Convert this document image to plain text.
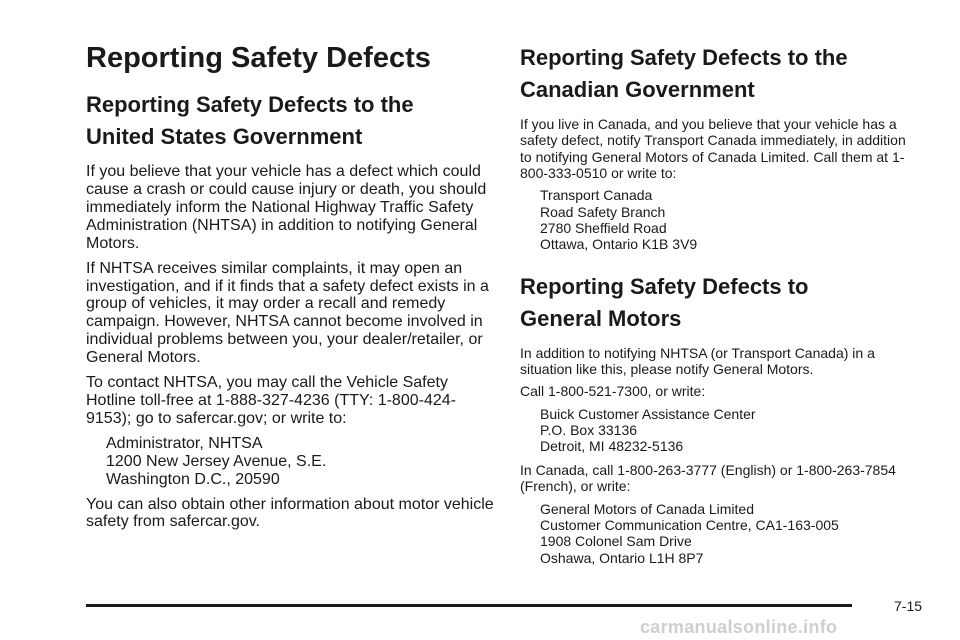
Reporting Safety Defects
Reporting Safety Defects to the
United States Government

If you believe that your vehicle has a defect which could cause a crash or could cause injury or death, you should immediately inform the National Highway Traffic Safety Administration (NHTSA) in addition to notifying General Motors.

If NHTSA receives similar complaints, it may open an investigation, and if it finds that a safety defect exists in a group of vehicles, it may order a recall and remedy campaign. However, NHTSA cannot become involved in individual problems between you, your dealer/retailer, or General Motors.

To contact NHTSA, you may call the Vehicle Safety Hotline toll-free at 1-888-327-4236 (TTY: 1-800-424-9153); go to safercar.gov; or write to:

Administrator, NHTSA
1200 New Jersey Avenue, S.E.
Washington D.C., 20590

You can also obtain other information about motor vehicle safety from safercar.gov.

Reporting Safety Defects to the
Canadian Government

If you live in Canada, and you believe that your vehicle has a safety defect, notify Transport Canada immediately, in addition to notifying General Motors of Canada Limited. Call them at 1-800-333-0510 or write to:

Transport Canada
Road Safety Branch
2780 Sheffield Road
Ottawa, Ontario K1B 3V9
Reporting Safety Defects to
General Motors

In addition to notifying NHTSA (or Transport Canada) in a situation like this, please notify General Motors.

Call 1-800-521-7300, or write:

Buick Customer Assistance Center
P.O. Box 33136
Detroit, MI 48232-5136

In Canada, call 1-800-263-3777 (English) or 1-800-263-7854 (French), or write:

General Motors of Canada Limited
Customer Communication Centre, CA1-163-005
1908 Colonel Sam Drive
Oshawa, Ontario L1H 8P7
7-15
carmanualsonline.info
